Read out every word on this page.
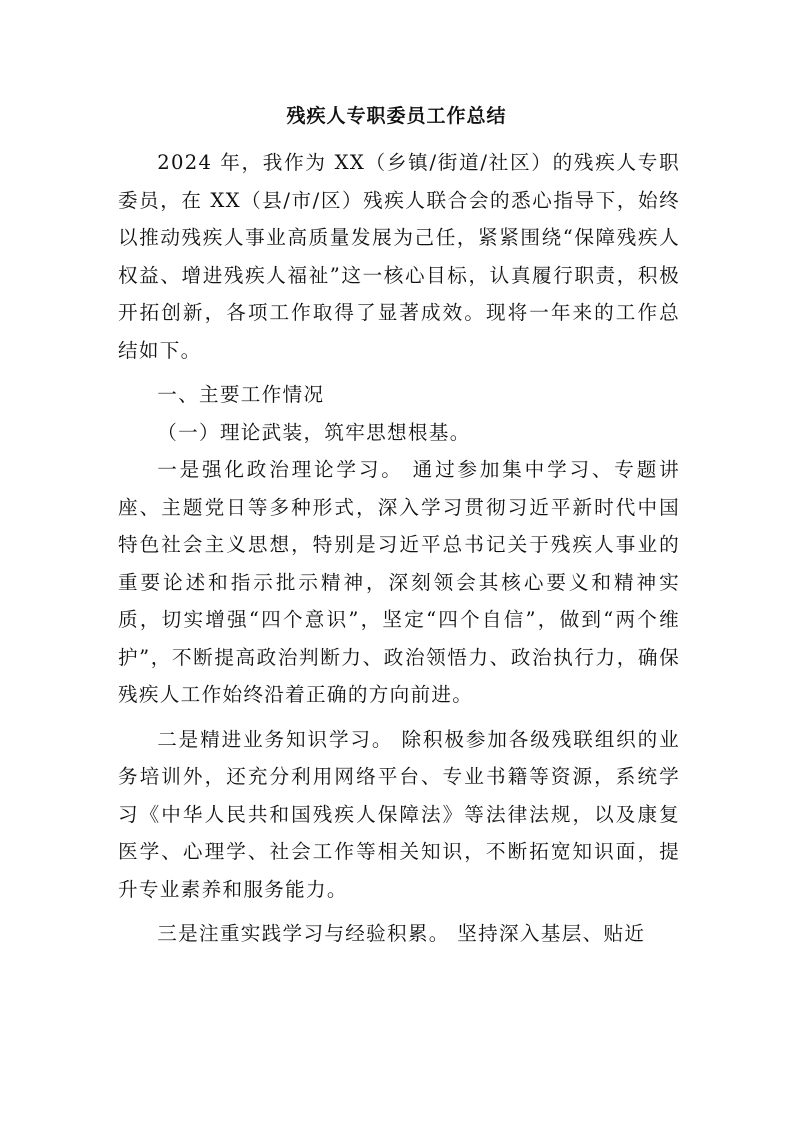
残疾人专职委员工作总结

2024 年，我作为 XX（乡镇/街道/社区）的残疾人专职委员，在 XX（县/市/区）残疾人联合会的悉心指导下，始终以推动残疾人事业高质量发展为己任，紧紧围绕“保障残疾人权益、增进残疾人福祉”这一核心目标，认真履行职责，积极开拓创新，各项工作取得了显著成效。现将一年来的工作总结如下。

一、主要工作情况

（一）理论武装，筑牢思想根基。

一是强化政治理论学习。 通过参加集中学习、专题讲座、主题党日等多种形式，深入学习贯彻习近平新时代中国特色社会主义思想，特别是习近平总书记关于残疾人事业的重要论述和指示批示精神，深刻领会其核心要义和精神实质，切实增强“四个意识”，坚定“四个自信”，做到“两个维护”，不断提高政治判断力、政治领悟力、政治执行力，确保残疾人工作始终沿着正确的方向前进。

二是精进业务知识学习。 除积极参加各级残联组织的业务培训外，还充分利用网络平台、专业书籍等资源，系统学习《中华人民共和国残疾人保障法》等法律法规，以及康复医学、心理学、社会工作等相关知识，不断拓宽知识面，提升专业素养和服务能力。

三是注重实践学习与经验积累。 坚持深入基层、贴近
